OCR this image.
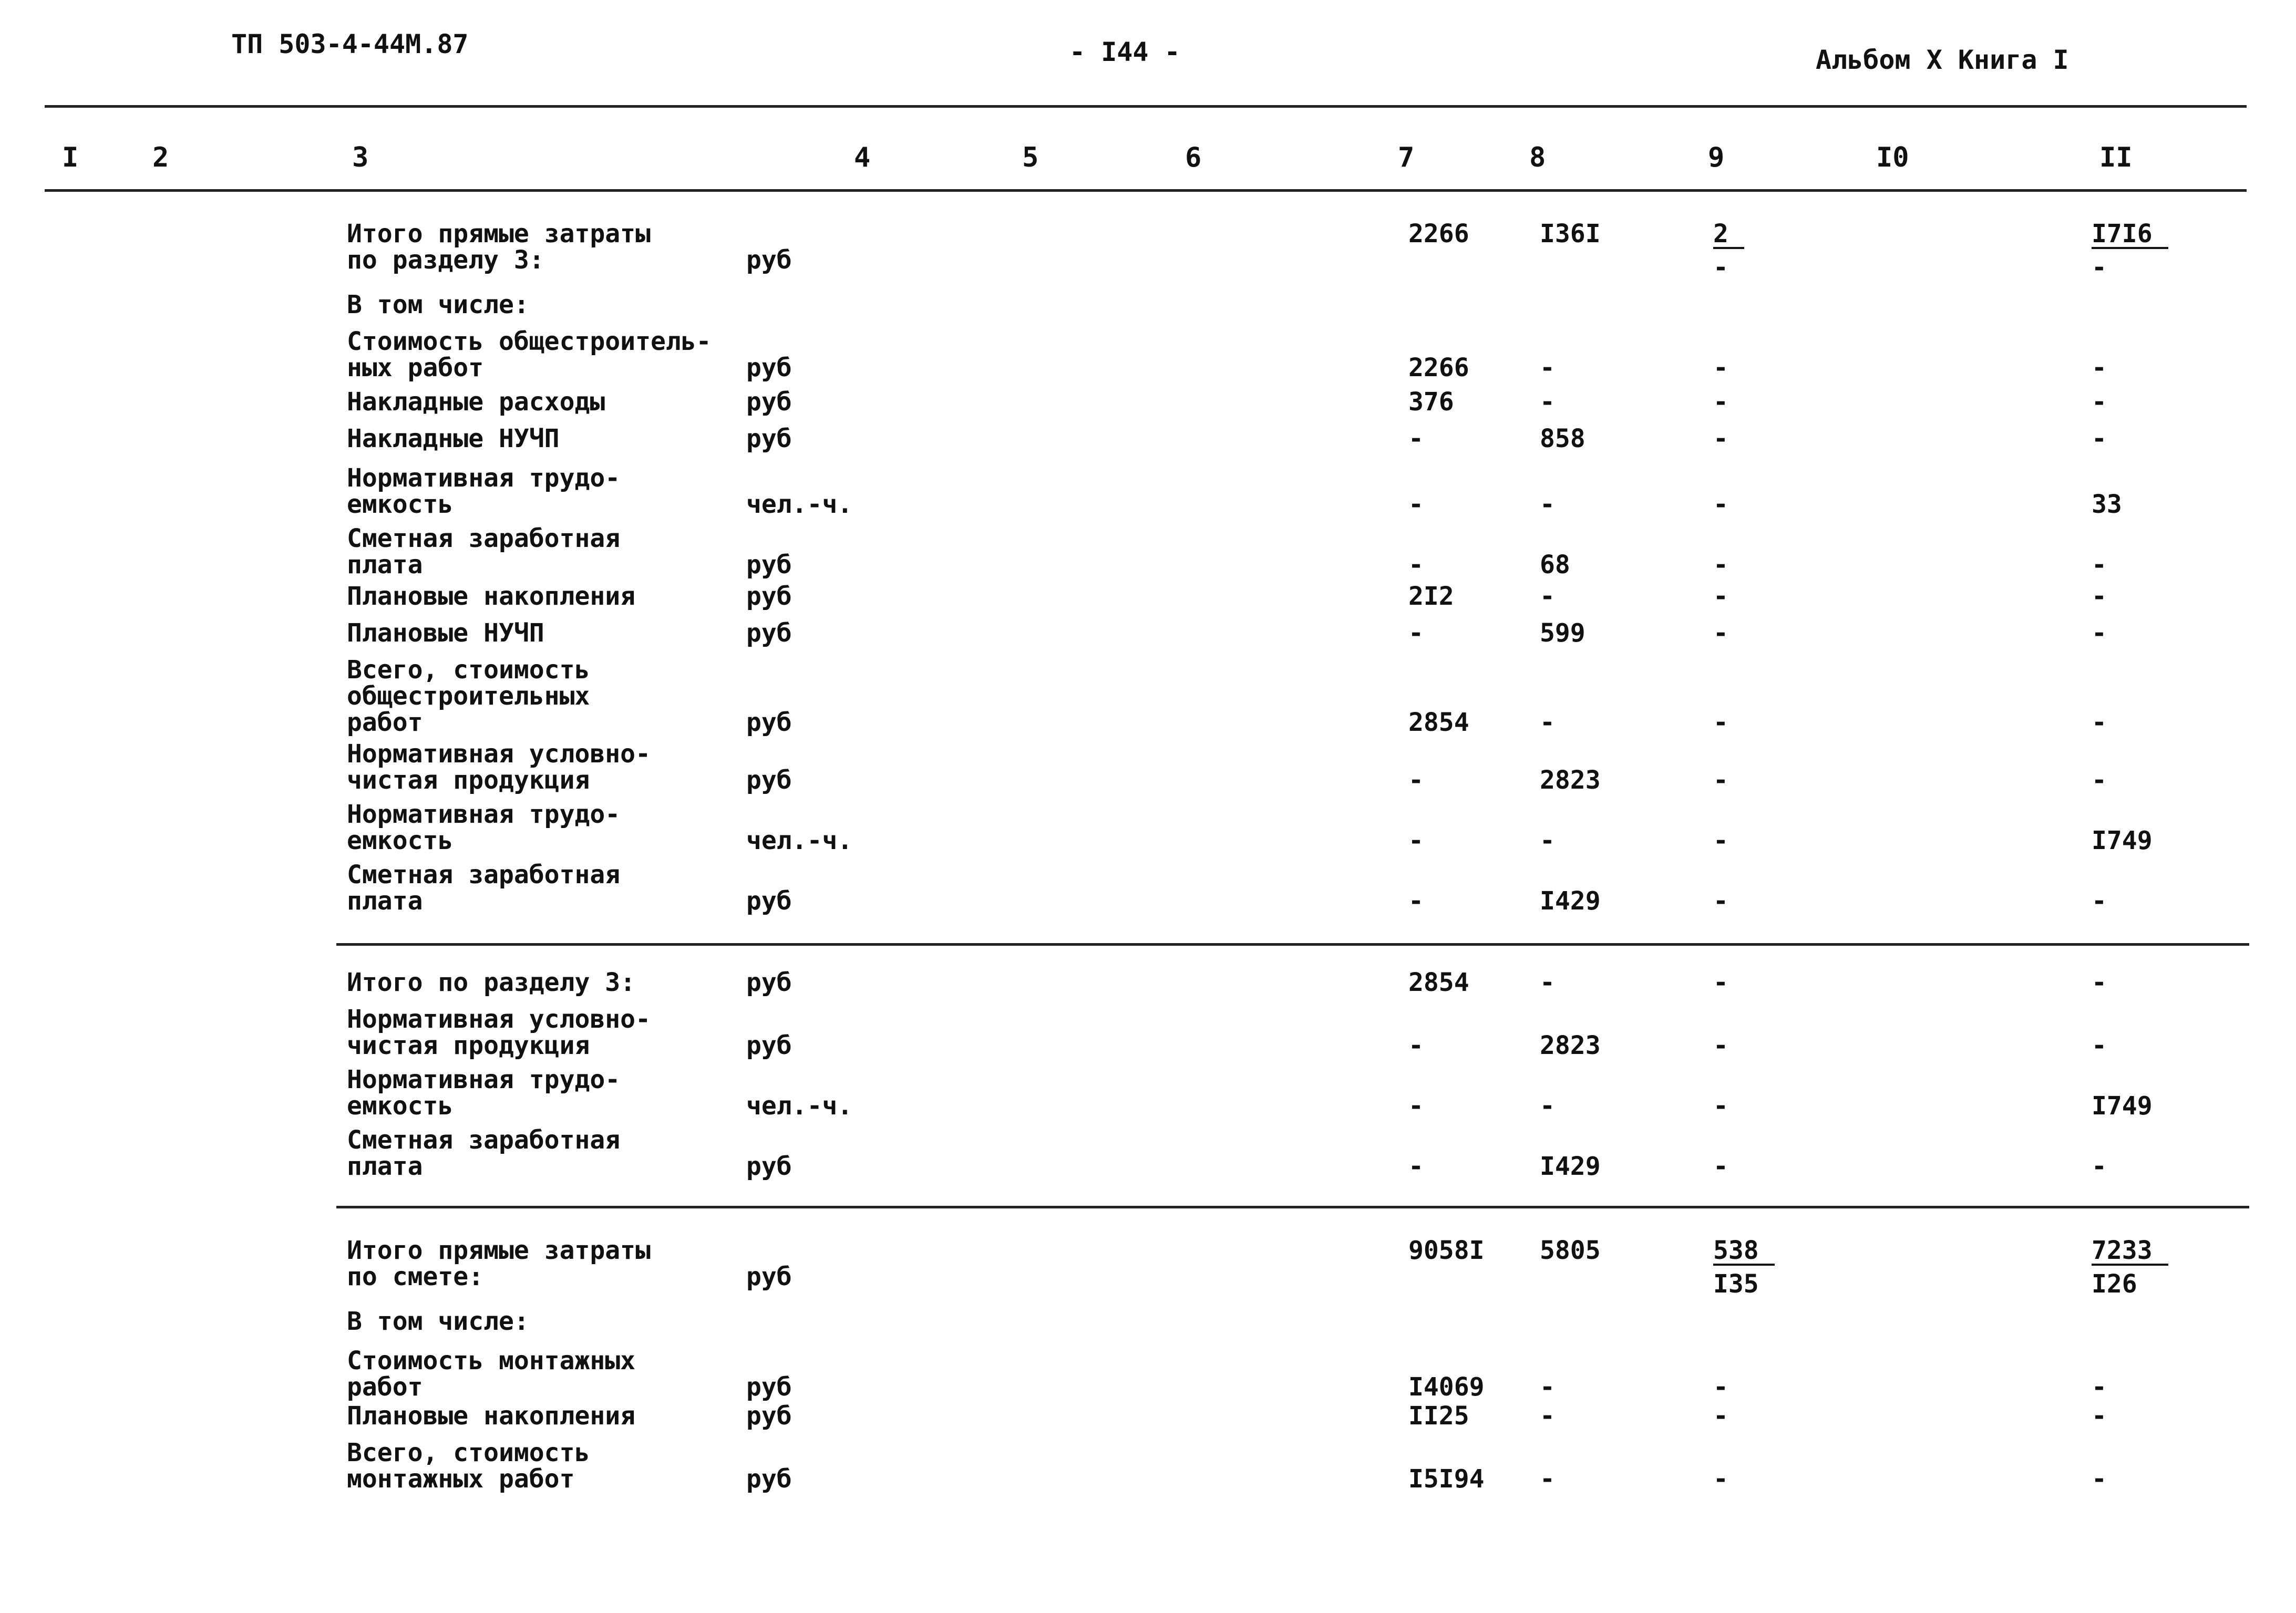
ТП 503-4-44М.87	- I44 -	Альбом X Книга I
I	2	3	4	5	6	7	8	9	I0	II
Итого прямые затраты
по разделу 3:	руб
2266	I36I	$\frac{2}{-}$	$\frac{I7I6}{-}$
В том числе:
Стоимость общестроитель-
ных работ	руб	2266	-	-	-
Накладные расходы	руб	376	-	-	-
Накладные НУЧП	руб	-	858	-	-
Нормативная трудо-
емкость	чел.-ч.	-	-	-	33
Сметная заработная
плата	руб	-	68	-	-
Плановые накопления	руб	2I2	-	-	-
Плановые НУЧП	руб	-	599	-	-
Всего, стоимость
общестроительных
работ	руб	2854	-	-	-
Нормативная условно-
чистая продукция	руб	-	2823	-	-
Нормативная трудо-
емкость	чел.-ч.	-	-	-	I749
Сметная заработная
плата	руб	-	I429	-	-
Итого по разделу 3:	руб	2854	-	-	-
Нормативная условно-
чистая продукция	руб	-	2823	-	-
Нормативная трудо-
емкость	чел.-ч.	-	-	-	I749
Сметная заработная
плата	руб	-	I429	-	-
Итого прямые затраты
по смете:	руб
9058I 5805	$\frac{538}{I35}$	$\frac{7233}{I26}$
В том числе:
Стоимость монтажных
работ	руб	I4069 -	-	-
Плановые накопления	руб	II25	-	-	-
Всего, стоимость
монтажных работ	руб	I5I94 -	-	-
